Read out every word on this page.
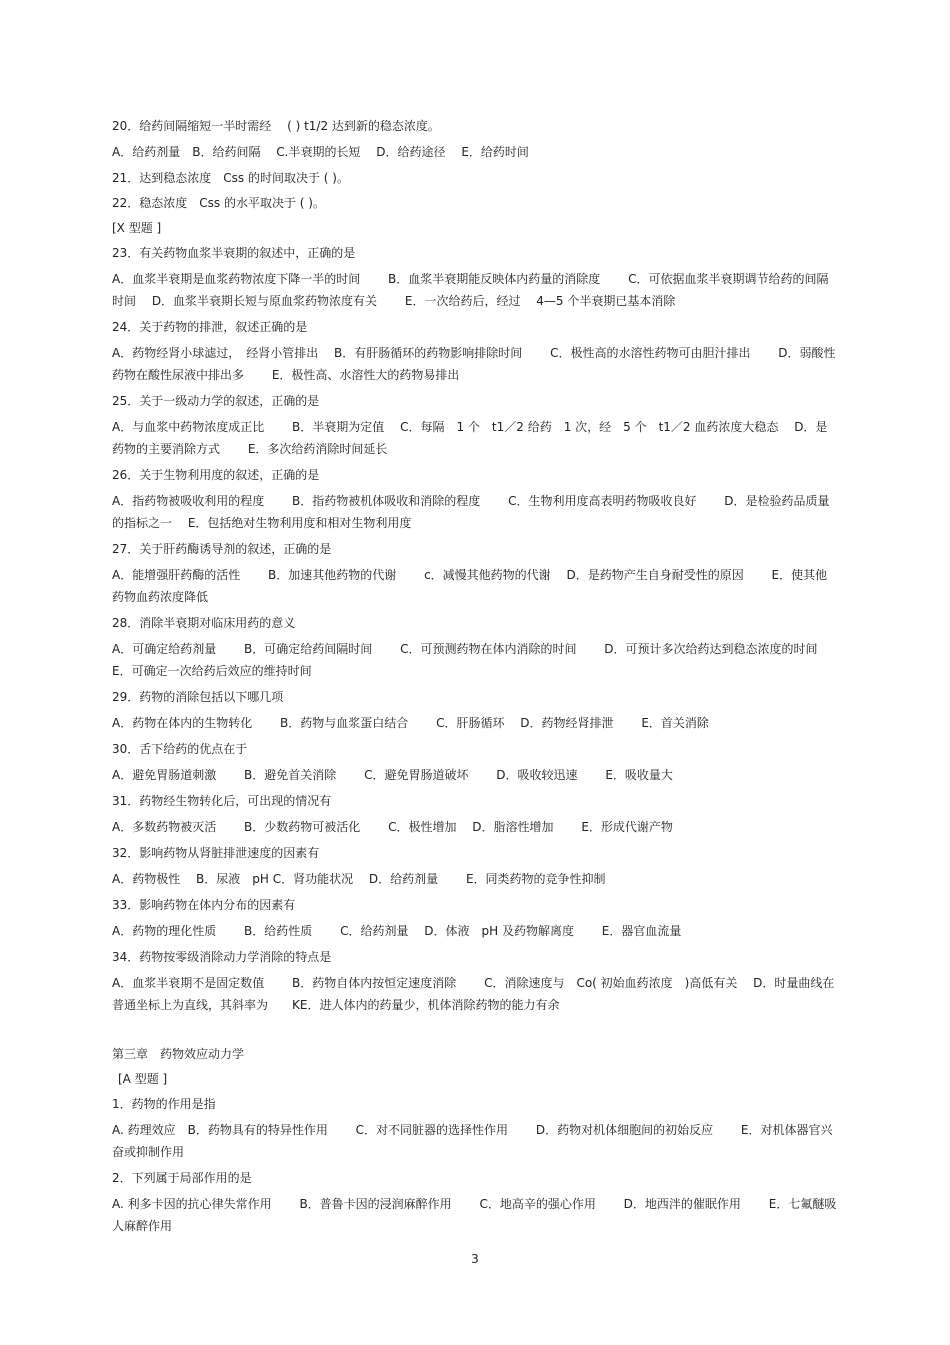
20．给药间隔缩短一半时需经　 ( ) t1/2 达到新的稳态浓度。
A．给药剂量　B．给药间隔　 C.半衰期的长短　 D．给药途径　 E．给药时间
21．达到稳态浓度　Css 的时间取决于 ( )。
22．稳态浓度　Css 的水平取决于 ( )。
[X 型题 ]
23．有关药物血浆半衰期的叙述中，正确的是
A．血浆半衰期是血浆药物浓度下降一半的时间　　 B．血浆半衰期能反映体内药量的消除度　　 C．可依据血浆半衰期调节给药的间隔时间　 D．血浆半衰期长短与原血浆药物浓度有关　　 E．一次给药后，经过　 4—5 个半衰期已基本消除
24．关于药物的排泄，叙述正确的是
A．药物经肾小球滤过，　经肾小管排出　 B．有肝肠循环的药物影响排除时间　　 C．极性高的水溶性药物可由胆汁排出　　 D．弱酸性药物在酸性尿液中排出多　　 E．极性高、水溶性大的药物易排出
25．关于一级动力学的叙述，正确的是
A．与血浆中药物浓度成正比　　 B．半衰期为定值　 C．每隔　1 个　t1／2 给药　1 次，经　5 个　t1／2 血药浓度大稳态　 D．是药物的主要消除方式　　 E．多次给药消除时间延长
26．关于生物利用度的叙述，正确的是
A．指药物被吸收利用的程度　　 B．指药物被机体吸收和消除的程度　　 C．生物利用度高表明药物吸收良好　　 D．是检验药品质量的指标之一　 E．包括绝对生物利用度和相对生物利用度
27．关于肝药酶诱导剂的叙述，正确的是
A．能增强肝药酶的活性　　 B．加速其他药物的代谢　　 c．减慢其他药物的代谢　 D．是药物产生自身耐受性的原因　　 E．使其他药物血药浓度降低
28．消除半衰期对临床用药的意义
A．可确定给药剂量　　 B．可确定给药间隔时间　　 C．可预测药物在体内消除的时间　　 D．可预计多次给药达到稳态浓度的时间　E．可确定一次给药后效应的维持时间
29．药物的消除包括以下哪几项
A．药物在体内的生物转化　　 B．药物与血浆蛋白结合　　 C．肝肠循环　 D．药物经肾排泄　　 E．首关消除
30．舌下给药的优点在于
A．避免胃肠道刺激　　 B．避免首关消除　　 C．避免胃肠道破坏　　 D．吸收较迅速　　 E．吸收量大
31．药物经生物转化后，可出现的情况有
A．多数药物被灭活　　 B．少数药物可被活化　　 C．极性增加　 D．脂溶性增加　　 E．形成代谢产物
32．影响药物从肾脏排泄速度的因素有
A．药物极性　 B．尿液　pH C．肾功能状况　 D．给药剂量　　 E．同类药物的竞争性抑制
33．影响药物在体内分布的因素有
A．药物的理化性质　　 B．给药性质　　 C．给药剂量　 D．体液　pH 及药物解离度　　 E．器官血流量
34．药物按零级消除动力学消除的特点是
A．血浆半衰期不是固定数值　　 B．药物自体内按恒定速度消除　　 C．消除速度与　Co( 初始血药浓度　)高低有关　 D．时量曲线在普通坐标上为直线，其斜率为　　KE．进人体内的药量少，机体消除药物的能力有余
第三章　药物效应动力学
[A 型题 ]
1．药物的作用是指
A. 药理效应　B．药物具有的特异性作用　　 C．对不同脏器的选择性作用　　 D．药物对机体细胞间的初始反应　　 E．对机体器官兴奋或抑制作用
2．下列属于局部作用的是
A. 利多卡因的抗心律失常作用　　 B．普鲁卡因的浸润麻醉作用　　 C．地高辛的强心作用　　 D．地西泮的催眠作用　　 E．七氟醚吸人麻醉作用
3
